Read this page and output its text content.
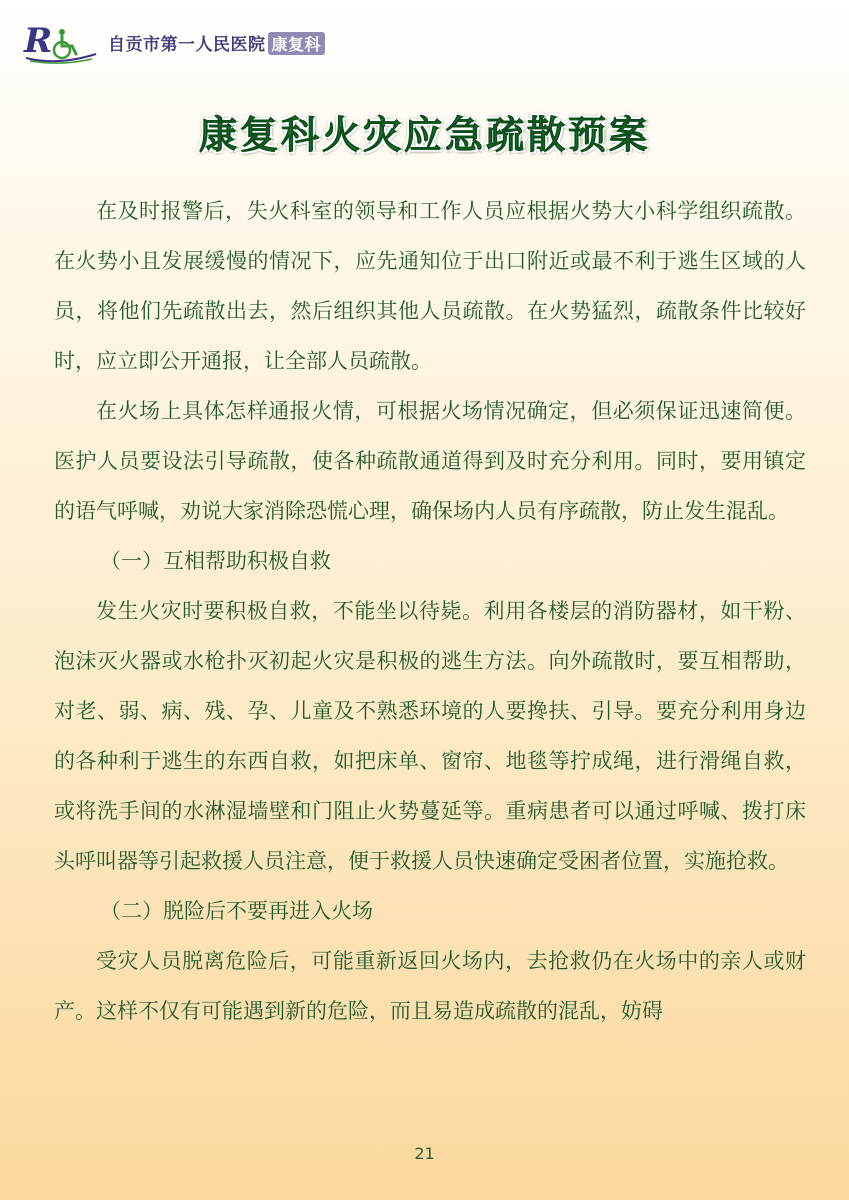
R	自贡市第一人民医院 康复科
康复科火灾应急疏散预案

在及时报警后，失火科室的领导和工作人员应根据火势大小科学组织疏散。在火势小且发展缓慢的情况下，应先通知位于出口附近或最不利于逃生区域的人员，将他们先疏散出去，然后组织其他人员疏散。在火势猛烈，疏散条件比较好时，应立即公开通报，让全部人员疏散。

在火场上具体怎样通报火情，可根据火场情况确定，但必须保证迅速简便。医护人员要设法引导疏散，使各种疏散通道得到及时充分利用。同时，要用镇定的语气呼喊，劝说大家消除恐慌心理，确保场内人员有序疏散，防止发生混乱。

（一）互相帮助积极自救

发生火灾时要积极自救，不能坐以待毙。利用各楼层的消防器材，如干粉、泡沫灭火器或水枪扑灭初起火灾是积极的逃生方法。向外疏散时，要互相帮助，对老、弱、病、残、孕、儿童及不熟悉环境的人要搀扶、引导。要充分利用身边的各种利于逃生的东西自救，如把床单、窗帘、地毯等拧成绳，进行滑绳自救，或将洗手间的水淋湿墙壁和门阻止火势蔓延等。重病患者可以通过呼喊、拨打床头呼叫器等引起救援人员注意，便于救援人员快速确定受困者位置，实施抢救。

（二）脱险后不要再进入火场

受灾人员脱离危险后，可能重新返回火场内，去抢救仍在火场中的亲人或财产。这样不仅有可能遇到新的危险，而且易造成疏散的混乱，妨碍

21
